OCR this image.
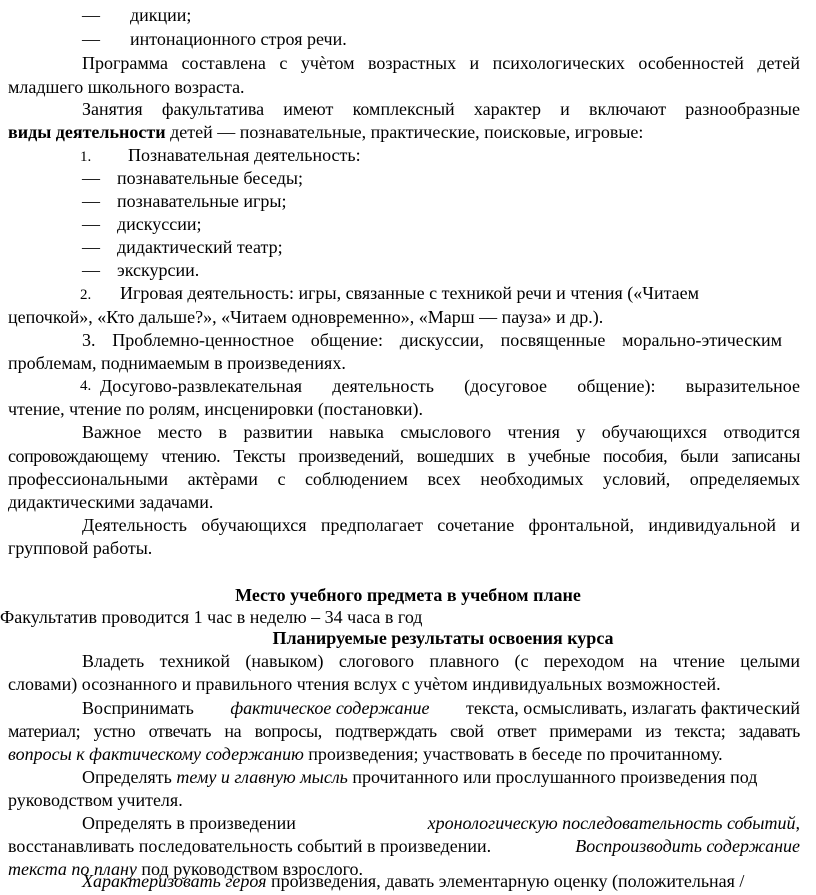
— дикции;
— интонационного строя речи.
Программа составлена с учѐтом возрастных и психологических особенностей детей
младшего школьного возраста.
Занятия факультатива имеют комплексный характер и включают разнообразные
виды деятельности детей — познавательные, практические, поисковые, игровые:
1. Познавательная деятельность:
— познавательные беседы;
— познавательные игры;
— дискуссии;
— дидактический театр;
— экскурсии.
2. Игровая деятельность: игры, связанные с техникой речи и чтения («Читаем
цепочкой», «Кто дальше?», «Читаем одновременно», «Марш — пауза» и др.).
3. Проблемно-ценностное общение: дискуссии, посвященные морально-этическим
проблемам, поднимаемым в произведениях.
4. Досугово-развлекательная деятельность (досуговое общение): выразительное
чтение, чтение по ролям, инсценировки (постановки).
Важное место в развитии навыка смыслового чтения у обучающихся отводится
сопровождающему чтению. Тексты произведений, вошедших в учебные пособия, были записаны
профессиональными актѐрами с соблюдением всех необходимых условий, определяемых
дидактическими задачами.
Деятельность обучающихся предполагает сочетание фронтальной, индивидуальной и
групповой работы.
Место учебного предмета в учебном плане
Факультатив проводится 1 час в неделю – 34 часа в год
Планируемые результаты освоения курса
Владеть техникой (навыком) слогового плавного (с переходом на чтение целыми
словами) осознанного и правильного чтения вслух с учѐтом индивидуальных возможностей.
Воспринимать фактическое содержание текста, осмысливать, излагать фактический
материал; устно отвечать на вопросы, подтверждать свой ответ примерами из текста; задавать
вопросы к фактическому содержанию произведения; участвовать в беседе по прочитанному.
Определять тему и главную мысль прочитанного или прослушанного произведения под
руководством учителя.
Определять в произведении	хронологическую последовательность событий,
восстанавливать последовательность событий в произведении.	Воспроизводить содержание
текста по плану под руководством взрослого.
Характеризовать героя произведения, давать элементарную оценку (положительная /
